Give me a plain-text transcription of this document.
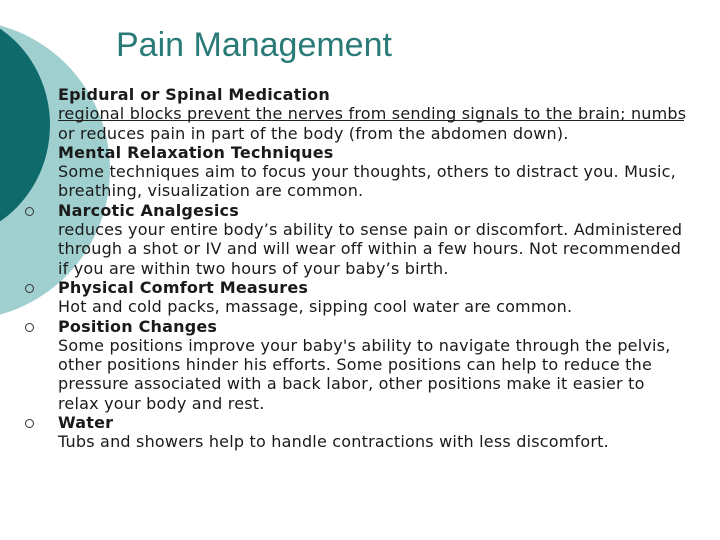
Pain Management
Epidural or Spinal Medication
regional blocks prevent the nerves from sending signals to the brain; numbs or reduces pain in part of the body (from the abdomen down).
Mental Relaxation Techniques
Some techniques aim to focus your thoughts, others to distract you. Music, breathing, visualization are common.
Narcotic Analgesics
reduces your entire body’s ability to sense pain or discomfort. Administered through a shot or IV and will wear off within a few hours. Not recommended if you are within two hours of your baby’s birth.
Physical Comfort Measures
Hot and cold packs, massage, sipping cool water are common.
Position Changes
Some positions improve your baby's ability to navigate through the pelvis, other positions hinder his efforts. Some positions can help to reduce the pressure associated with a back labor, other positions make it easier to relax your body and rest.
Water
Tubs and showers help to handle contractions with less discomfort.
